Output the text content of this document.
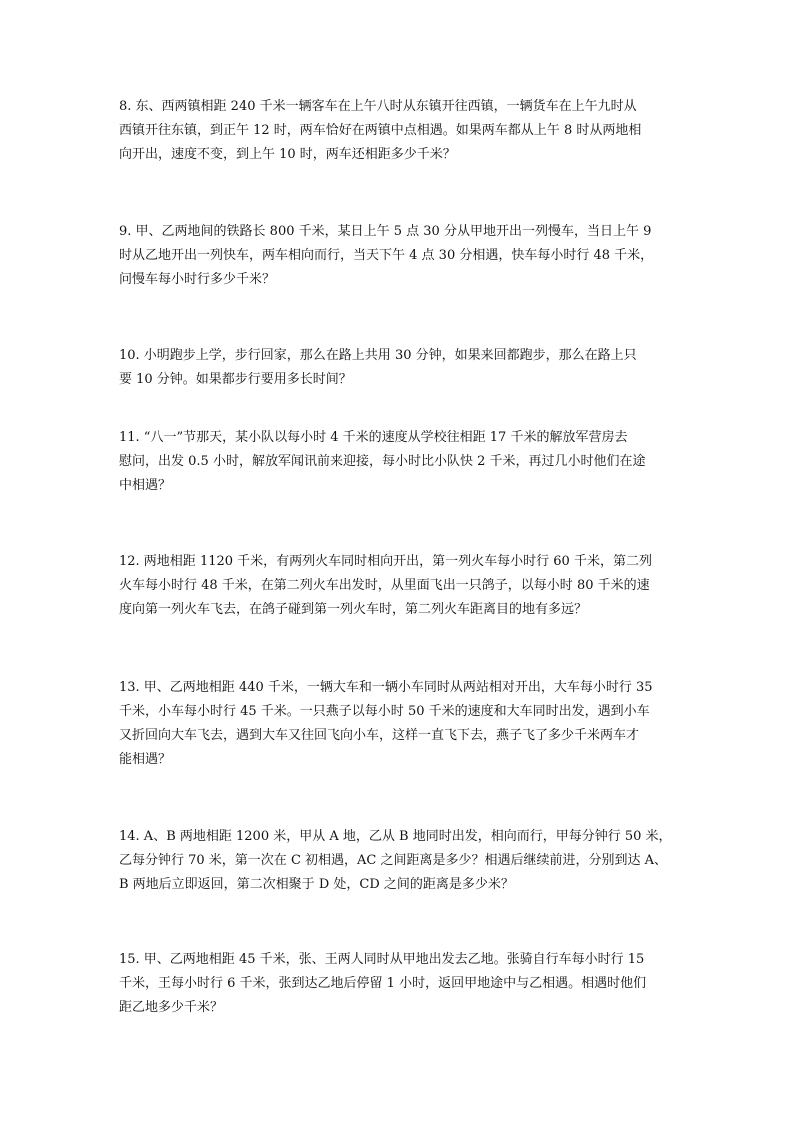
8. 东、西两镇相距 240 千米一辆客车在上午八时从东镇开往西镇，一辆货车在上午九时从
西镇开往东镇，到正午 12 时，两车恰好在两镇中点相遇。如果两车都从上午 8 时从两地相
向开出，速度不变，到上午 10 时，两车还相距多少千米？
9. 甲、乙两地间的铁路长 800 千米，某日上午 5 点 30 分从甲地开出一列慢车，当日上午 9
时从乙地开出一列快车，两车相向而行，当天下午 4 点 30 分相遇，快车每小时行 48 千米，
问慢车每小时行多少千米？
10. 小明跑步上学，步行回家，那么在路上共用 30 分钟，如果来回都跑步，那么在路上只
要 10 分钟。如果都步行要用多长时间？
11. “八一”节那天，某小队以每小时 4 千米的速度从学校往相距 17 千米的解放军营房去
慰问，出发 0.5 小时，解放军闻讯前来迎接，每小时比小队快 2 千米，再过几小时他们在途
中相遇？
12. 两地相距 1120 千米，有两列火车同时相向开出，第一列火车每小时行 60 千米，第二列
火车每小时行 48 千米，在第二列火车出发时，从里面飞出一只鸽子，以每小时 80 千米的速
度向第一列火车飞去，在鸽子碰到第一列火车时，第二列火车距离目的地有多远？
13. 甲、乙两地相距 440 千米，一辆大车和一辆小车同时从两站相对开出，大车每小时行 35
千米，小车每小时行 45 千米。一只燕子以每小时 50 千米的速度和大车同时出发，遇到小车
又折回向大车飞去，遇到大车又往回飞向小车，这样一直飞下去，燕子飞了多少千米两车才
能相遇？
14. A、B 两地相距 1200 米，甲从 A 地，乙从 B 地同时出发，相向而行，甲每分钟行 50 米，
乙每分钟行 70 米，第一次在 C 初相遇，AC 之间距离是多少？相遇后继续前进，分别到达 A、
B 两地后立即返回，第二次相聚于 D 处，CD 之间的距离是多少米？
15. 甲、乙两地相距 45 千米，张、王两人同时从甲地出发去乙地。张骑自行车每小时行 15
千米，王每小时行 6 千米，张到达乙地后停留 1 小时，返回甲地途中与乙相遇。相遇时他们
距乙地多少千米？
